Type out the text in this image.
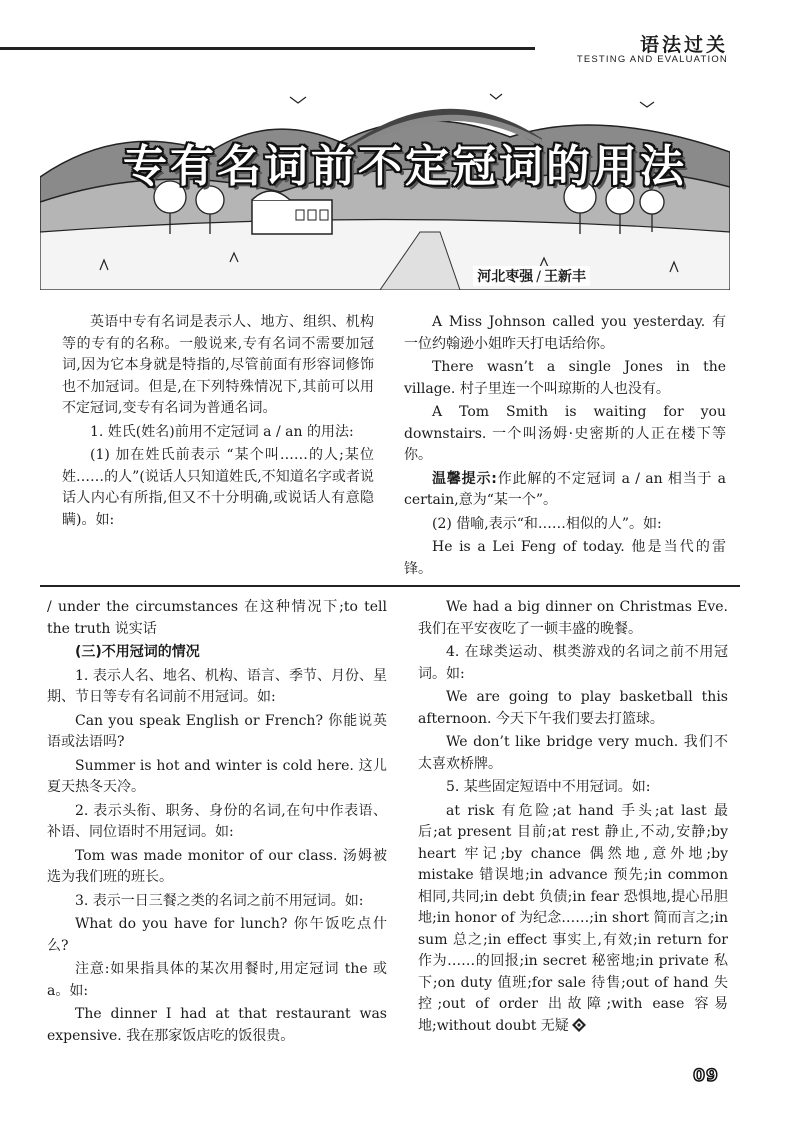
语法过关
TESTING AND EVALUATION
专有名词前不定冠词的用法
河北枣强 / 王新丰

英语中专有名词是表示人、地方、组织、机构等的专有的名称。一般说来,专有名词不需要加冠词,因为它本身就是特指的,尽管前面有形容词修饰也不加冠词。但是,在下列特殊情况下,其前可以用不定冠词,变专有名词为普通名词。

1. 姓氏(姓名)前用不定冠词 a / an 的用法:

(1) 加在姓氏前表示 “某个叫……的人;某位姓……的人”(说话人只知道姓氏,不知道名字或者说话人内心有所指,但又不十分明确,或说话人有意隐瞒)。如:

A Miss Johnson called you yesterday. 有一位约翰逊小姐昨天打电话给你。

There wasn’t a single Jones in the village. 村子里连一个叫琼斯的人也没有。

A Tom Smith is waiting for you downstairs. 一个叫汤姆·史密斯的人正在楼下等你。

温馨提示:作此解的不定冠词 a / an 相当于 a certain,意为“某一个”。

(2) 借喻,表示“和……相似的人”。如:

He is a Lei Feng of today. 他是当代的雷锋。

/ under the circumstances 在这种情况下;to tell the truth 说实话

(三)不用冠词的情况

1. 表示人名、地名、机构、语言、季节、月份、星期、节日等专有名词前不用冠词。如:

Can you speak English or French? 你能说英语或法语吗?

Summer is hot and winter is cold here. 这儿夏天热冬天冷。

2. 表示头衔、职务、身份的名词,在句中作表语、补语、同位语时不用冠词。如:

Tom was made monitor of our class. 汤姆被选为我们班的班长。

3. 表示一日三餐之类的名词之前不用冠词。如:

What do you have for lunch? 你午饭吃点什么?

注意:如果指具体的某次用餐时,用定冠词 the 或 a。如:

The dinner I had at that restaurant was expensive. 我在那家饭店吃的饭很贵。

We had a big dinner on Christmas Eve. 我们在平安夜吃了一顿丰盛的晚餐。

4. 在球类运动、棋类游戏的名词之前不用冠词。如:

We are going to play basketball this afternoon. 今天下午我们要去打篮球。

We don’t like bridge very much. 我们不太喜欢桥牌。

5. 某些固定短语中不用冠词。如:

at risk 有危险;at hand 手头;at last 最后;at present 目前;at rest 静止,不动,安静;by heart 牢记;by chance 偶然地,意外地;by mistake 错误地;in advance 预先;in common 相同,共同;in debt 负债;in fear 恐惧地,提心吊胆地;in honor of 为纪念……;in short 简而言之;in sum 总之;in effect 事实上,有效;in return for 作为……的回报;in secret 秘密地;in private 私下;on duty 值班;for sale 待售;out of hand 失控;out of order 出故障;with ease 容易地;without doubt 无疑

09
